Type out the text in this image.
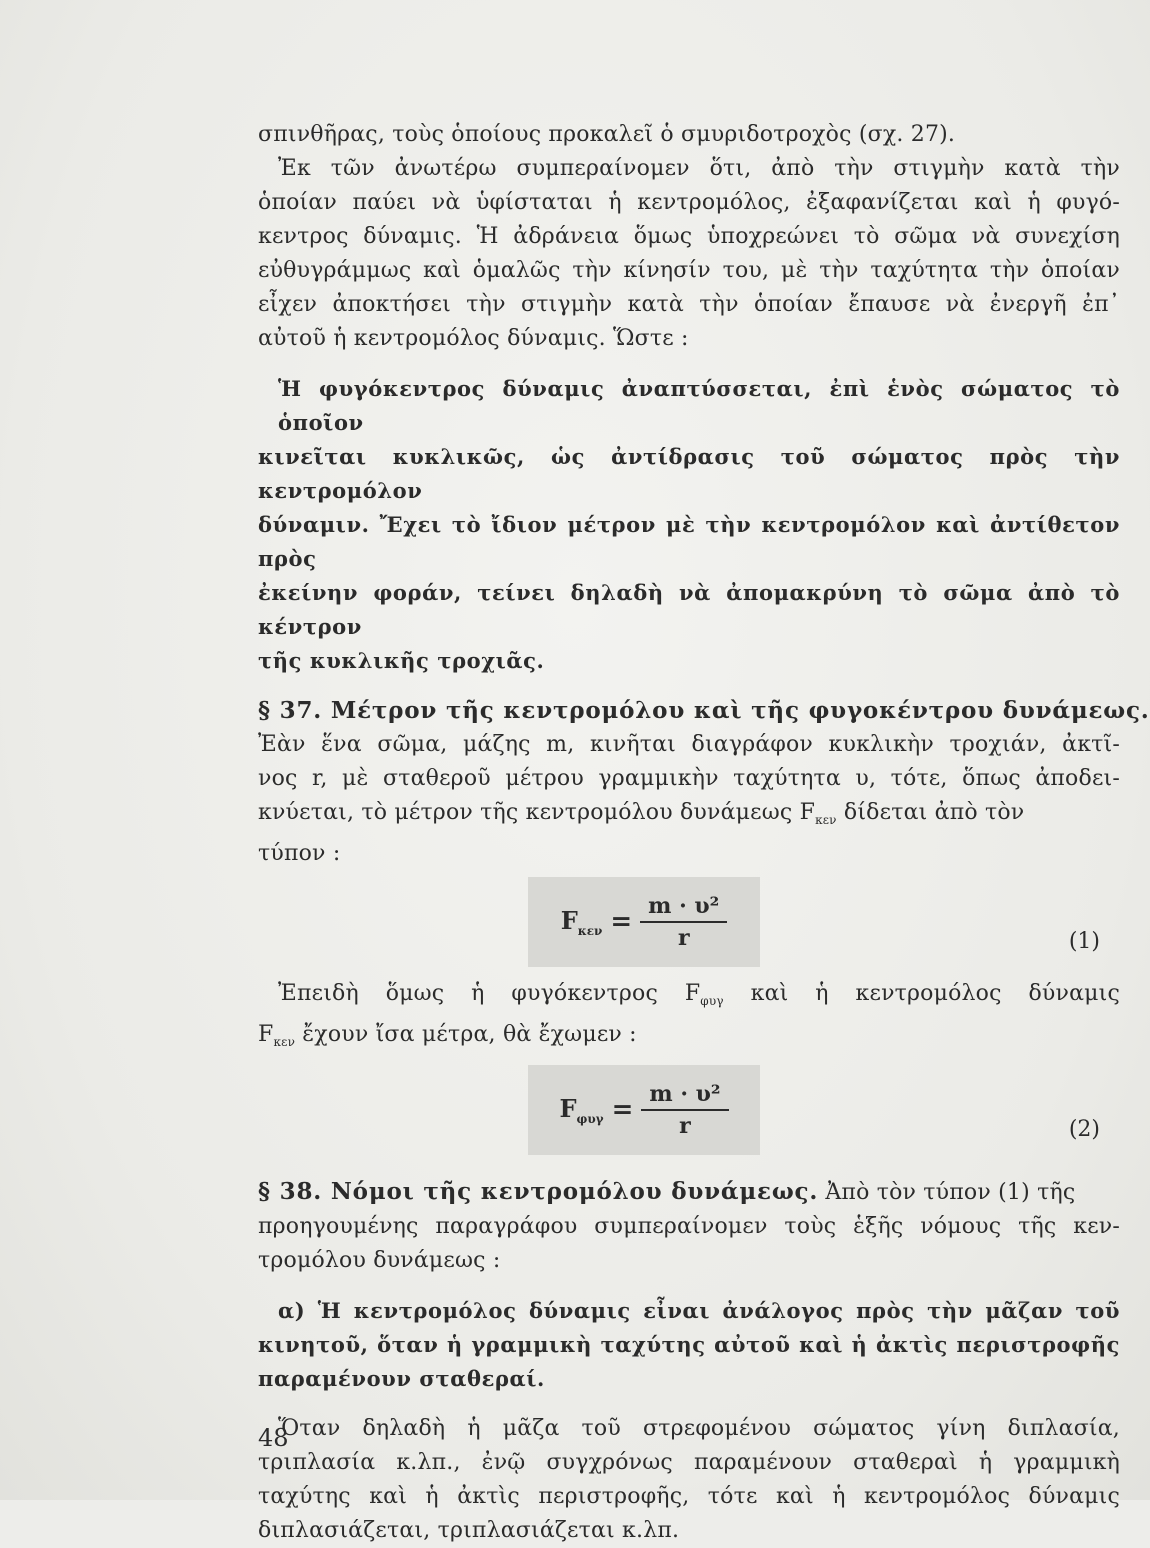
σπινθῆρας, τοὺς ὁποίους προκαλεῖ ὁ σμυριδοτροχὸς (σχ. 27).
Ἐκ τῶν ἀνωτέρω συμπεραίνομεν ὅτι, ἀπὸ τὴν στιγμὴν κατὰ τὴν
ὁποίαν παύει νὰ ὑφίσταται ἡ κεντρομόλος, ἐξαφανίζεται καὶ ἡ φυγό-
κεντρος δύναμις. Ἡ ἀδράνεια ὅμως ὑποχρεώνει τὸ σῶμα νὰ συνεχίση
εὐθυγράμμως καὶ ὁμαλῶς τὴν κίνησίν του, μὲ τὴν ταχύτητα τὴν ὁποίαν
εἶχεν ἀποκτήσει τὴν στιγμὴν κατὰ τὴν ὁποίαν ἔπαυσε νὰ ἐνεργῆ ἐπ᾽
αὐτοῦ ἡ κεντρομόλος δύναμις. Ὥστε :
Ἡ φυγόκεντρος δύναμις ἀναπτύσσεται, ἐπὶ ἑνὸς σώματος τὸ ὁποῖον
κινεῖται κυκλικῶς, ὡς ἀντίδρασις τοῦ σώματος πρὸς τὴν κεντρομόλον
δύναμιν. Ἔχει τὸ ἴδιον μέτρον μὲ τὴν κεντρομόλον καὶ ἀντίθετον πρὸς
ἐκείνην φοράν, τείνει δηλαδὴ νὰ ἀπομακρύνη τὸ σῶμα ἀπὸ τὸ κέντρον
τῆς κυκλικῆς τροχιᾶς.
§ 37. Μέτρον τῆς κεντρομόλου καὶ τῆς φυγοκέντρου δυνάμεως.
Ἐὰν ἕνα σῶμα, μάζης m, κινῆται διαγράφον κυκλικὴν τροχιάν, ἀκτῖ-
νος r, μὲ σταθεροῦ μέτρου γραμμικὴν ταχύτητα υ, τότε, ὅπως ἀποδει-
κνύεται, τὸ μέτρον τῆς κεντρομόλου δυνάμεως $F_{\kappa\varepsilon\nu}$ δίδεται ἀπὸ τὸν
τύπον :
$F_{\kappa\varepsilon\nu} = \frac{\text{m · υ²}}{r}$	(1)
Ἐπειδὴ ὅμως ἡ φυγόκεντρος $F_{\varphi\upsilon\gamma}$ καὶ ἡ κεντρομόλος δύναμις
$F_{\kappa\varepsilon\nu}$ ἔχουν ἴσα μέτρα, θὰ ἔχωμεν :
$F_{\varphi\upsilon\gamma} = \frac{\text{m · υ²}}{r}$	(2)
§ 38. Νόμοι τῆς κεντρομόλου δυνάμεως. Ἀπὸ τὸν τύπον (1) τῆς
προηγουμένης παραγράφου συμπεραίνομεν τοὺς ἑξῆς νόμους τῆς κεν-
τρομόλου δυνάμεως :
α) Ἡ κεντρομόλος δύναμις εἶναι ἀνάλογος πρὸς τὴν μᾶζαν τοῦ
κινητοῦ, ὅταν ἡ γραμμικὴ ταχύτης αὐτοῦ καὶ ἡ ἀκτὶς περιστροφῆς
παραμένουν σταθεραί.
Ὅταν δηλαδὴ ἡ μᾶζα τοῦ στρεφομένου σώματος γίνη διπλασία,
τριπλασία κ.λπ., ἐνῷ συγχρόνως παραμένουν σταθεραὶ ἡ γραμμικὴ
ταχύτης καὶ ἡ ἀκτὶς περιστροφῆς, τότε καὶ ἡ κεντρομόλος δύναμις
διπλασιάζεται, τριπλασιάζεται κ.λπ.
48
